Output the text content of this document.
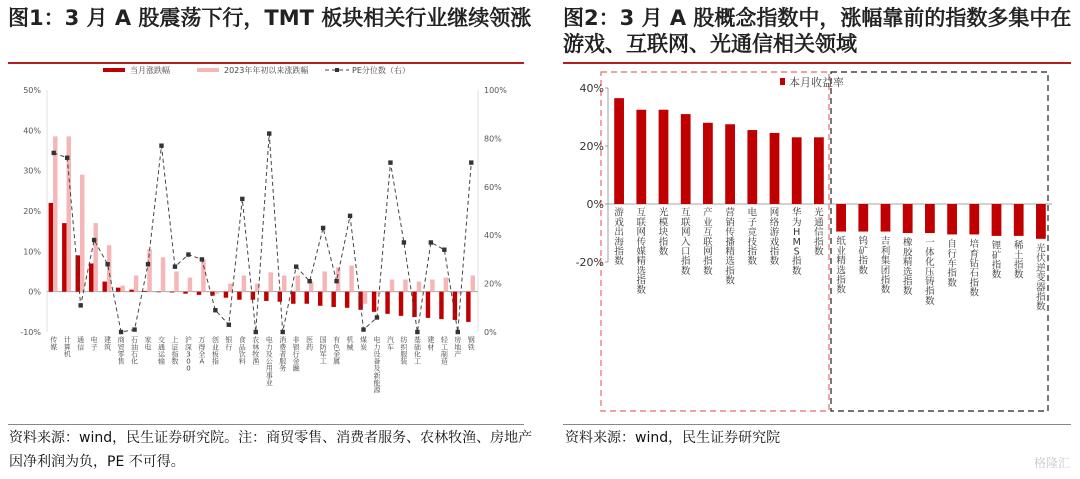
图1：3 月 A 股震荡下行，TMT 板块相关行业继续领涨	图2：3 月 A 股概念指数中，涨幅靠前的指数多集中在游戏、互联网、光通信相关领域
-10%
0%
10%
20%
30%
40%
50%
0%
20%
40%
60%
80%
100%
传媒
计算机
通信
电子
建筑
商贸零售
石油石化
家电
交通运输
上证指数
沪深 3 0 0
万得全 A
创业板指
银行
食品饮料
农林牧渔
电力及公用事业
消费者服务
非银行金融
医药
国防军工
有色金属
机械
煤炭
电力设备及新能源
汽车
纺织服装
基础化工
建材
轻工制造
房地产
钢铁
当月涨跌幅	2023年年初以来涨跌幅	PE分位数（右）
-20%
0%
20%
40%
游戏出海指数
互联网传媒精选指数
光模块指数
互联网入口指数
产业互联网指数
营销传播精选指数
电子竞技指数
网络游戏指数
华为 H M S 指数
光通信指数
纸业精选指数
钨矿指数
吉利集团指数
橡胶精选指数
一体化压铸指数
自行车指数
培育钻石指数
锂矿指数
稀土指数
光伏逆变器指数
本月收益率
资料来源：wind，民生证券研究院。注：商贸零售、消费者服务、农林牧渔、房地产因净利润为负，PE 不可得。
资料来源：wind，民生证券研究院
格隆汇
